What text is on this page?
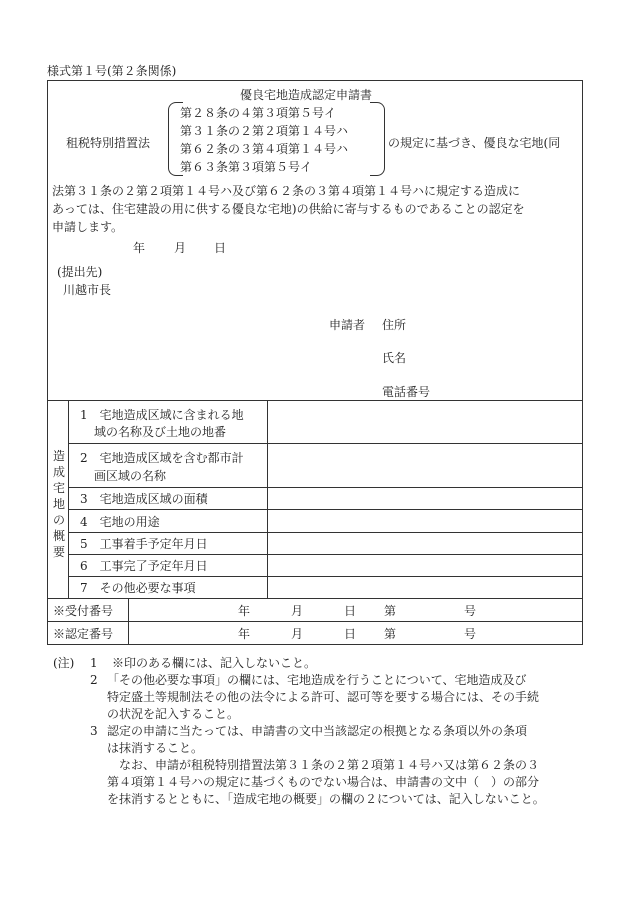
様式第１号(第２条関係)
優良宅地造成認定申請書
租税特別措置法
第２８条の４第３項第５号イ
第３１条の２第２項第１４号ハ
第６２条の３第４項第１４号ハ
第６３条第３項第５号イ
の規定に基づき、優良な宅地(同
法第３１条の２第２項第１４号ハ及び第６２条の３第４項第１４号ハに規定する造成に
あっては、住宅建設の用に供する優良な宅地)の供給に寄与するものであることの認定を
申請します。
年 月 日
(提出先)
川越市長
申請者 住所
氏名
電話番号
造成宅地の概要
1　宅地造成区域に含まれる地
域の名称及び土地の地番
2　宅地造成区域を含む都市計
画区域の名称
3　宅地造成区域の面積
4　宅地の用途
5　工事着手予定年月日
6　工事完了予定年月日
7　その他必要な事項
※受付番号	年	月	日 第	号
※認定番号	年	月	日 第	号
(注) 1 ※印のある欄には、記入しないこと。
2 「その他必要な事項」の欄には、宅地造成を行うことについて、宅地造成及び
特定盛土等規制法その他の法令による許可、認可等を要する場合には、その手続
の状況を記入すること。
3 認定の申請に当たっては、申請書の文中当該認定の根拠となる条項以外の条項
は抹消すること。
なお、申請が租税特別措置法第３１条の２第２項第１４号ハ又は第６２条の３
第４項第１４号ハの規定に基づくものでない場合は、申請書の文中（　）の部分
を抹消するとともに、「造成宅地の概要」の欄の２については、記入しないこと。
